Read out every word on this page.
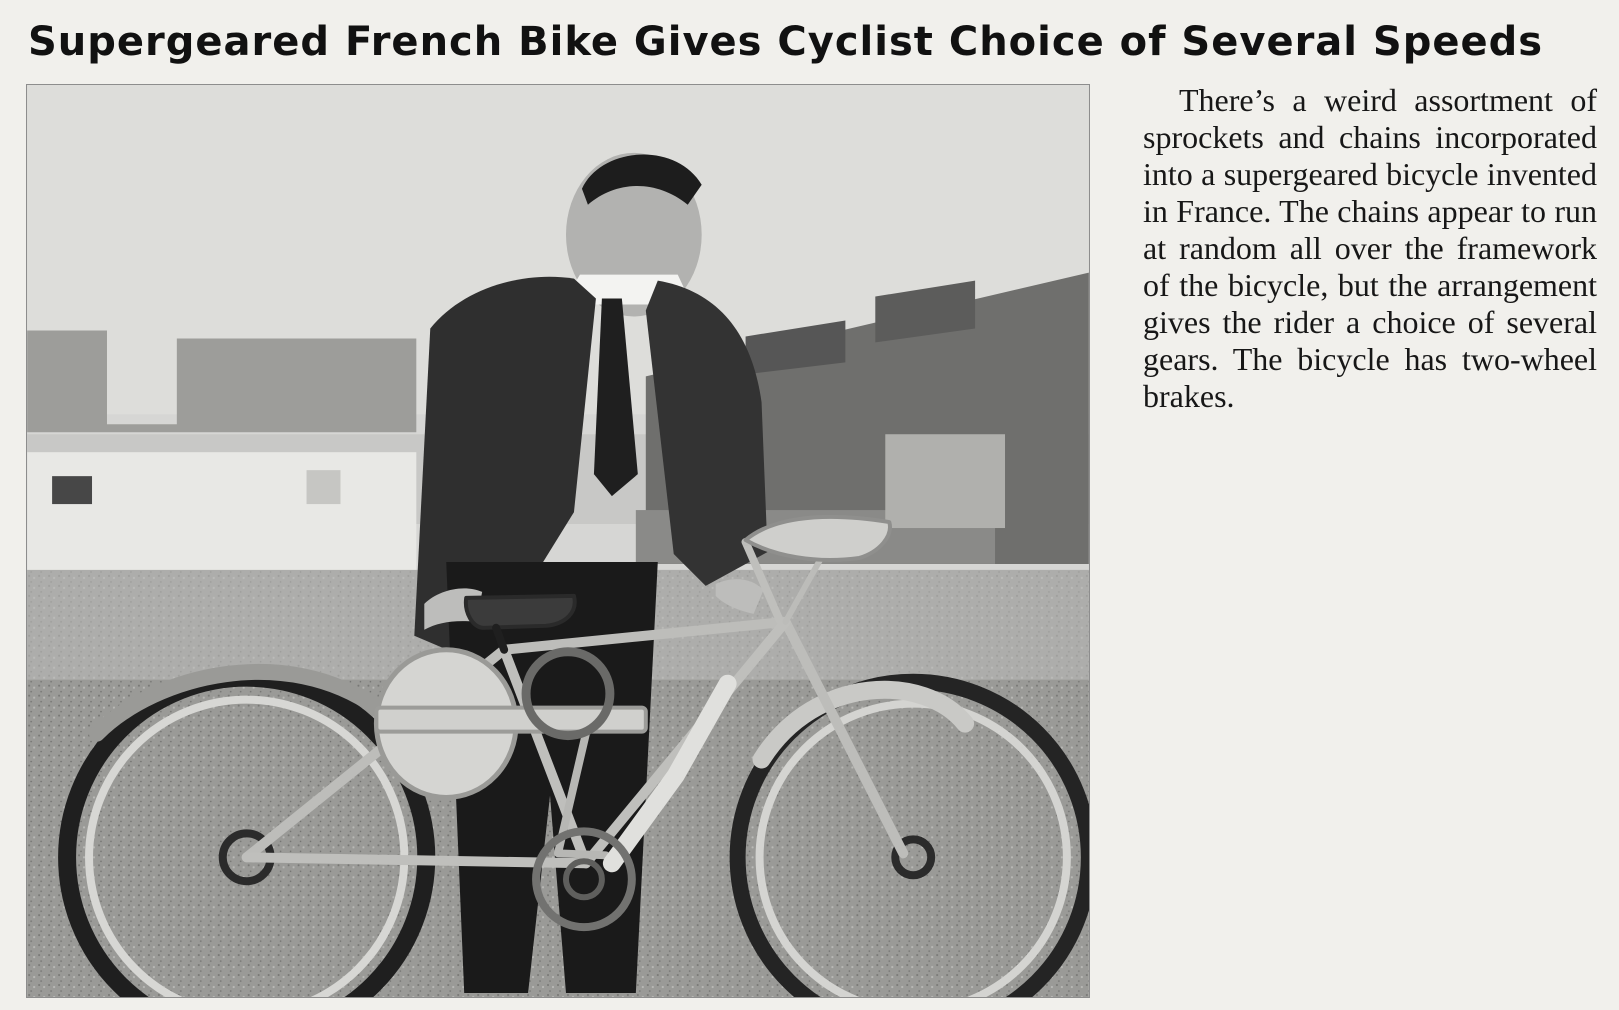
Supergeared French Bike Gives Cyclist Choice of Several Speeds

There’s a weird assortment of sprockets and chains incorporated into a supergeared bicycle invented in France. The chains appear to run at random all over the framework of the bicycle, but the arrangement gives the rider a choice of several gears. The bicycle has two-wheel brakes.
